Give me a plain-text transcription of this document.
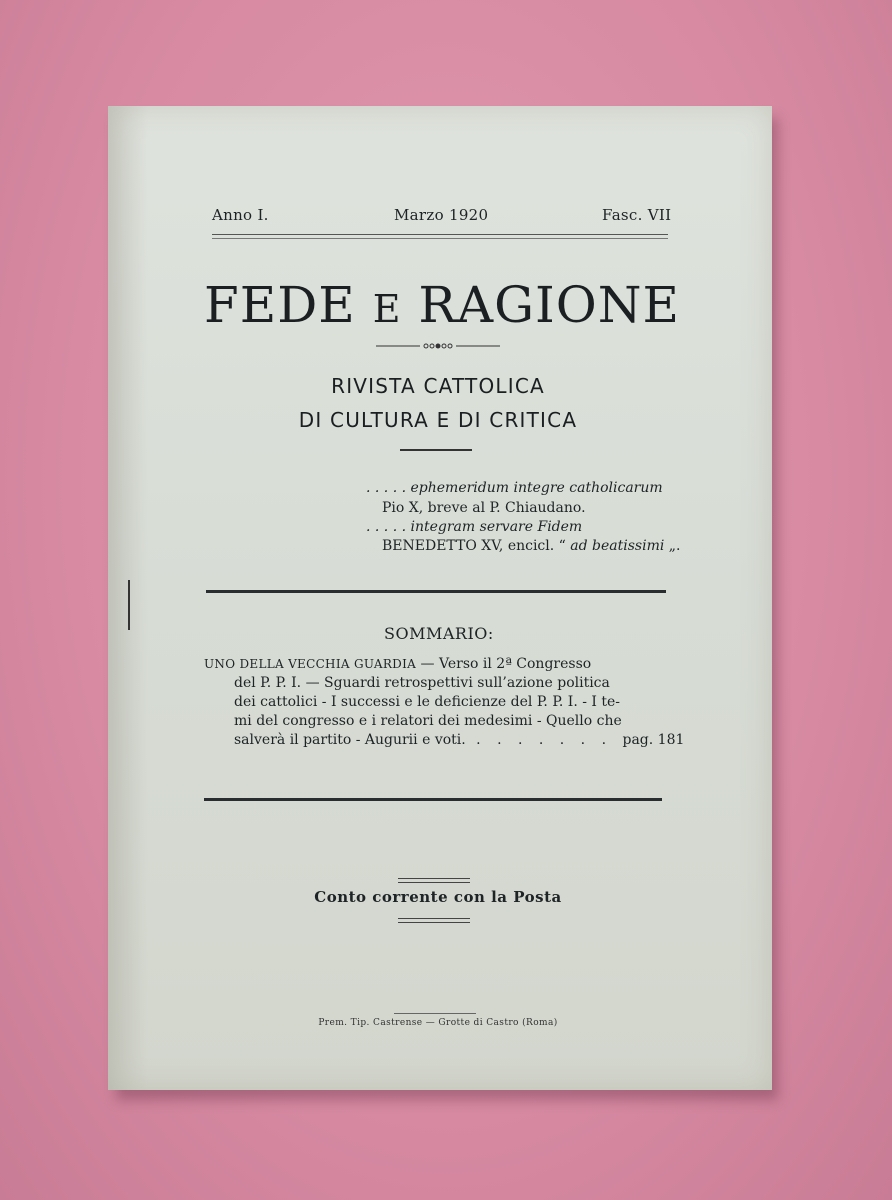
Anno I.	Marzo 1920	Fasc. VII
FEDE E RAGIONE
RIVISTA CATTOLICA
DI CULTURA E DI CRITICA
. . . . . ephemeridum integre catholicarum
Pio X, breve al P. Chiaudano.
. . . . . integram servare Fidem
BENEDETTO XV, encicl. “ ad beatissimi „.
SOMMARIO:
UNO DELLA VECCHIA GUARDIA — Verso il 2ª Congresso
del P. P. I. — Sguardi retrospettivi sull’azione politica
dei cattolici - I successi e le deficienze del P. P. I. - I te-
mi del congresso e i relatori dei medesimi - Quello che
salverà il partito - Augurii e voti. . . . . . . . pag. 181
Conto corrente con la Posta
Prem. Tip. Castrense — Grotte di Castro (Roma)
